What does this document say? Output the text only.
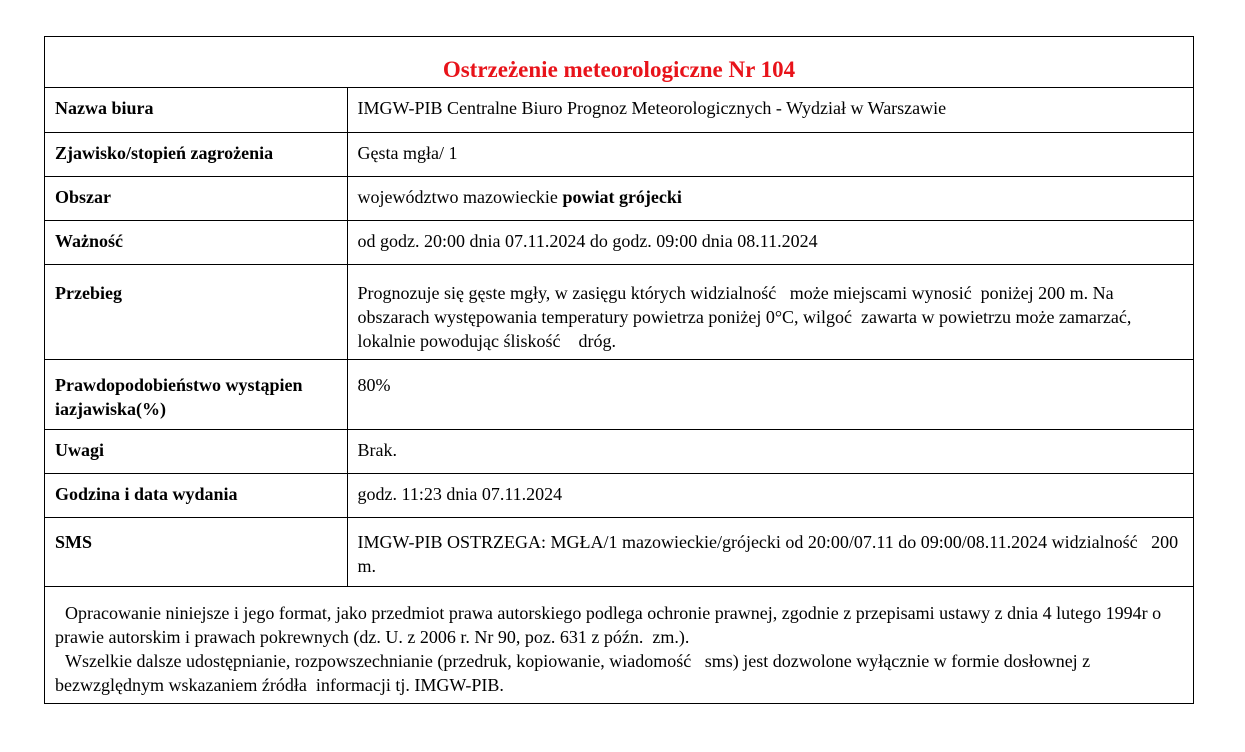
Ostrzeżenie meteorologiczne Nr 104
Nazwa biura	IMGW-PIB Centralne Biuro Prognoz Meteorologicznych - Wydział w Warszawie
Zjawisko/stopień zagrożenia	Gęsta mgła/ 1
Obszar	województwo mazowieckie powiat grójecki
Ważność	od godz. 20:00 dnia 07.11.2024 do godz. 09:00 dnia 08.11.2024
Przebieg	Prognozuje się gęste mgły, w zasięgu których widzialność   może miejscami wynosić  poniżej 200 m. Na obszarach występowania temperatury powietrza poniżej 0°C, wilgoć  zawarta w powietrzu może zamarzać,  lokalnie powodując śliskość    dróg.
Prawdopodobieństwo wystąpieniazjawiska(%)	80%
Uwagi	Brak.
Godzina i data wydania	godz. 11:23 dnia 07.11.2024
SMS	IMGW-PIB OSTRZEGA: MGŁA/1 mazowieckie/grójecki od 20:00/07.11 do 09:00/08.11.2024 widzialność   200 m.

Opracowanie niniejsze i jego format, jako przedmiot prawa autorskiego podlega ochronie prawnej, zgodnie z przepisami ustawy z dnia 4 lutego 1994r o prawie autorskim i prawach pokrewnych (dz. U. z 2006 r. Nr 90, poz. 631 z późn.  zm.).

Wszelkie dalsze udostępnianie, rozpowszechnianie (przedruk, kopiowanie, wiadomość   sms) jest dozwolone wyłącznie w formie dosłownej z bezwzględnym wskazaniem źródła  informacji tj. IMGW-PIB.
